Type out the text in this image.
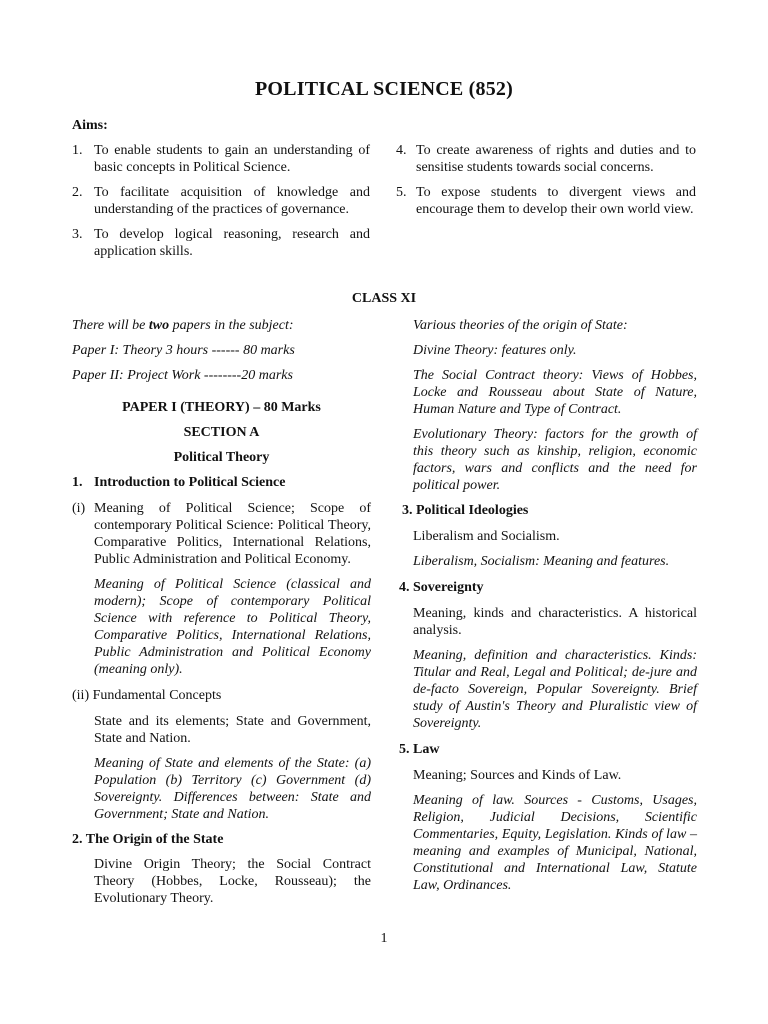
POLITICAL SCIENCE (852)
Aims:
1. To enable students to gain an understanding of basic concepts in Political Science.
2. To facilitate acquisition of knowledge and understanding of the practices of governance.
3. To develop logical reasoning, research and application skills.
4. To create awareness of rights and duties and to sensitise students towards social concerns.
5. To expose students to divergent views and encourage them to develop their own world view.
CLASS XI

There will be two papers in the subject:

Paper I: Theory 3 hours ------ 80 marks

Paper II: Project Work --------20 marks

PAPER I (THEORY) – 80 Marks

SECTION A

Political Theory

1. Introduction to Political Science
(i) Meaning of Political Science; Scope of contemporary Political Science: Political Theory, Comparative Politics, International Relations, Public Administration and Political Economy.

Meaning of Political Science (classical and modern); Scope of contemporary Political Science with reference to Political Theory, Comparative Politics, International Relations, Public Administration and Political Economy (meaning only).

(ii) Fundamental Concepts

State and its elements; State and Government, State and Nation.

Meaning of State and elements of the State: (a) Population (b) Territory (c) Government (d) Sovereignty. Differences between: State and Government; State and Nation.

2. The Origin of the State

Divine Origin Theory; the Social Contract Theory (Hobbes, Locke, Rousseau); the Evolutionary Theory.

Various theories of the origin of State:

Divine Theory: features only.

The Social Contract theory: Views of Hobbes, Locke and Rousseau about State of Nature, Human Nature and Type of Contract.

Evolutionary Theory: factors for the growth of this theory such as kinship, religion, economic factors, wars and conflicts and the need for political power.

3. Political Ideologies

Liberalism and Socialism.

Liberalism, Socialism: Meaning and features.

4. Sovereignty

Meaning, kinds and characteristics. A historical analysis.

Meaning, definition and characteristics. Kinds: Titular and Real, Legal and Political; de-jure and de-facto Sovereign, Popular Sovereignty. Brief study of Austin's Theory and Pluralistic view of Sovereignty.

5. Law

Meaning; Sources and Kinds of Law.

Meaning of law. Sources - Customs, Usages, Religion, Judicial Decisions, Scientific Commentaries, Equity, Legislation. Kinds of law – meaning and examples of Municipal, National, Constitutional and International Law, Statute Law, Ordinances.

1
